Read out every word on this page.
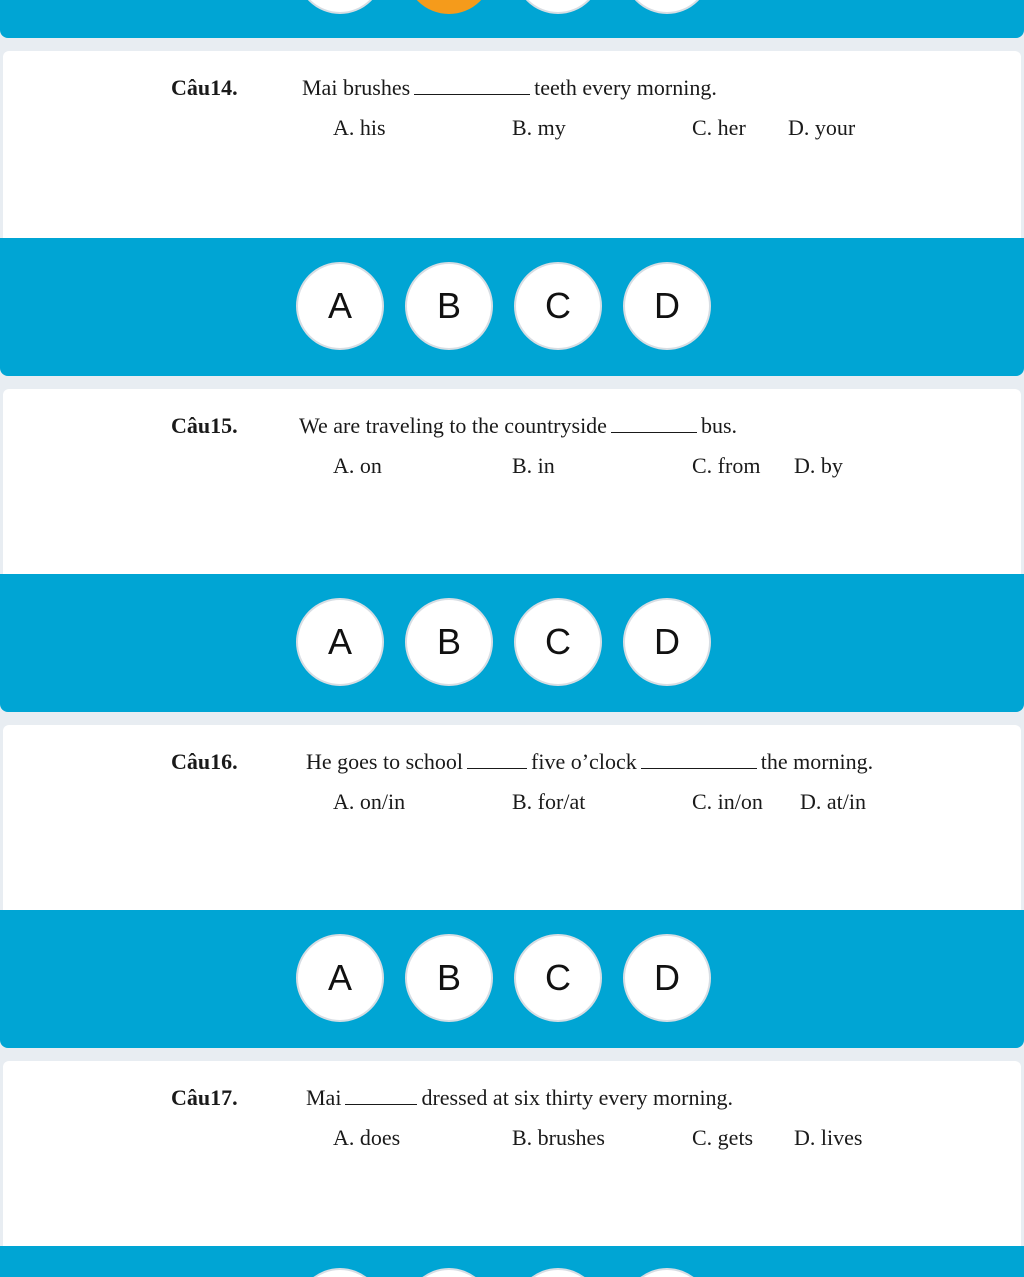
Câu14.	Mai brushes	teeth every morning.
A. his	B. my	C. her D. your
A	B	C	D
Câu15.	We are traveling to the countryside	bus.
A. on	B. in	C. from D. by
A	B	C	D
Câu16.	He goes to school	five o’clock	the morning.
A. on/in	B. for/at	C. in/on D. at/in
A	B	C	D
Câu17.	Mai	dressed at six thirty every morning.
A. does	B. brushes	C. gets D. lives
